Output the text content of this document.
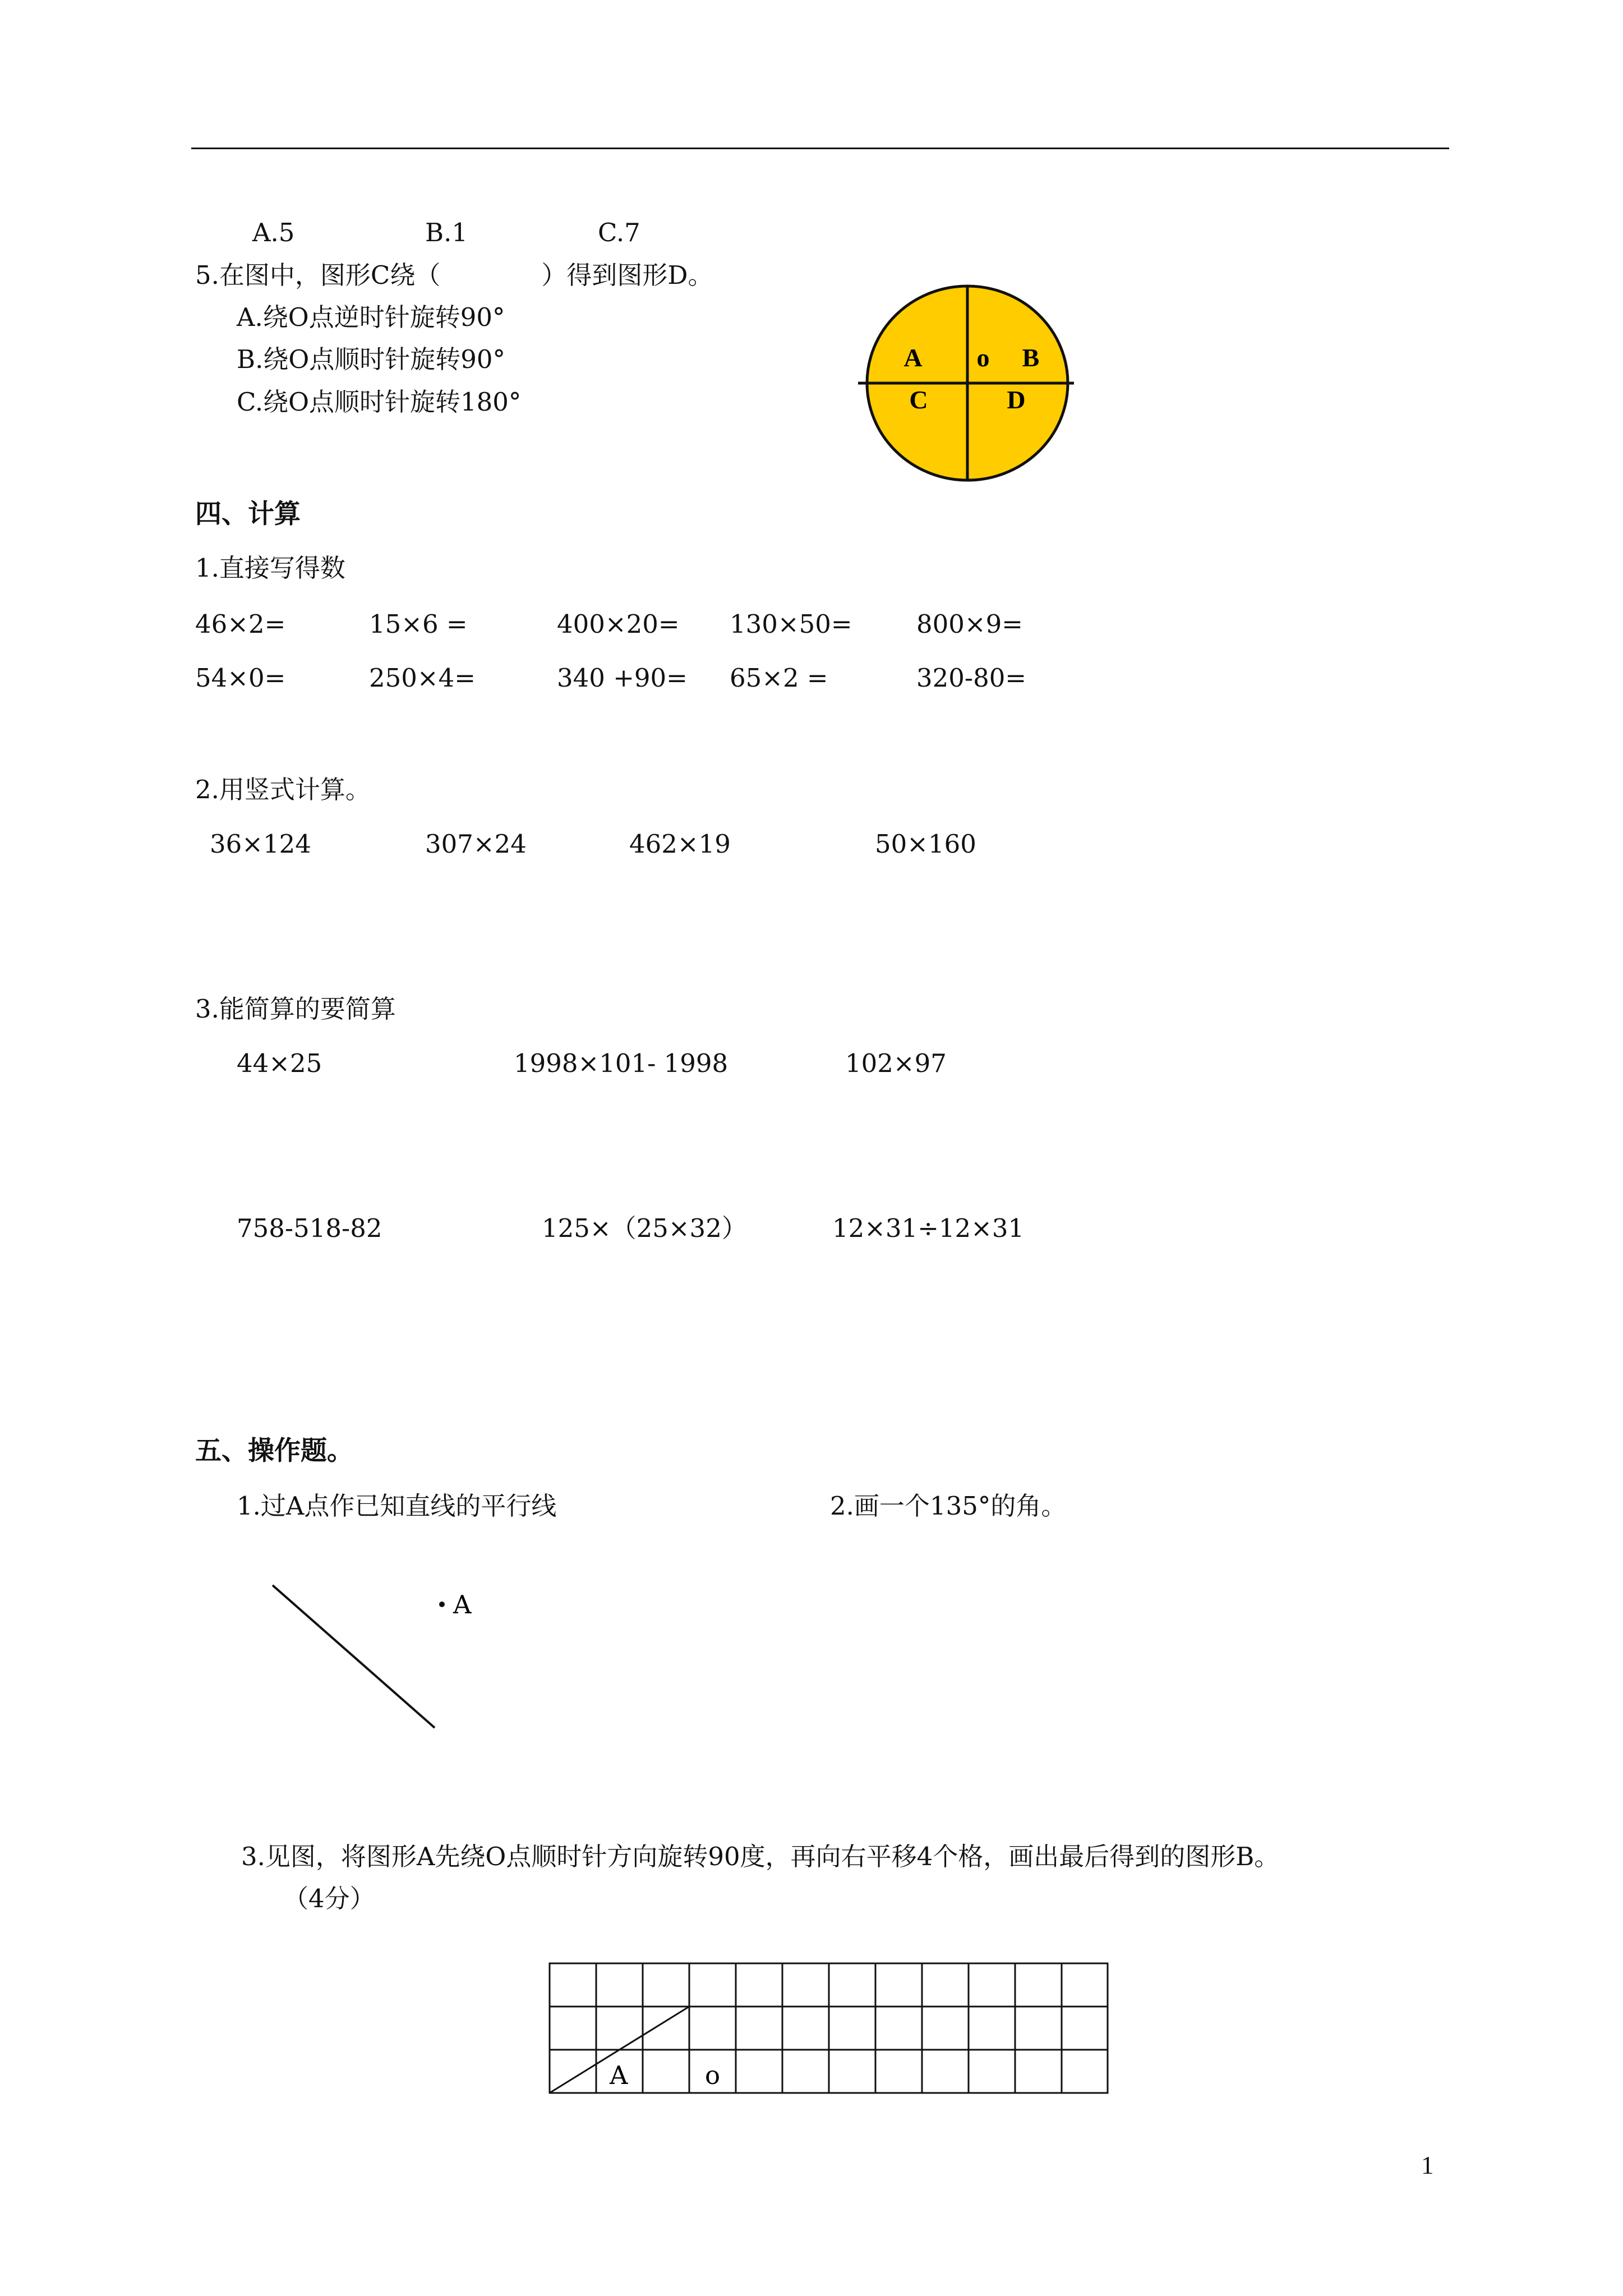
A.5	B.1	C.7
5.在图中，图形C绕（　　　　）得到图形D。
A.绕O点逆时针旋转90°
B.绕O点顺时针旋转90°
C.绕O点顺时针旋转180°
A o B
C	D
四、计算
1.直接写得数
46×2=	15×6 =	400×20= 130×50=	800×9=
54×0=	250×4=	340 +90= 65×2 =	320-80=
2.用竖式计算。
36×124	307×24	462×19	50×160
3.能简算的要简算
44×25	1998×101- 1998	102×97
758-518-82	125×（25×32）	12×31÷12×31
五、操作题。
1.过A点作已知直线的平行线	2.画一个135°的角。
A
3.见图，将图形A先绕O点顺时针方向旋转90度，再向右平移4个格，画出最后得到的图形B。
（4分）
A	o
1
